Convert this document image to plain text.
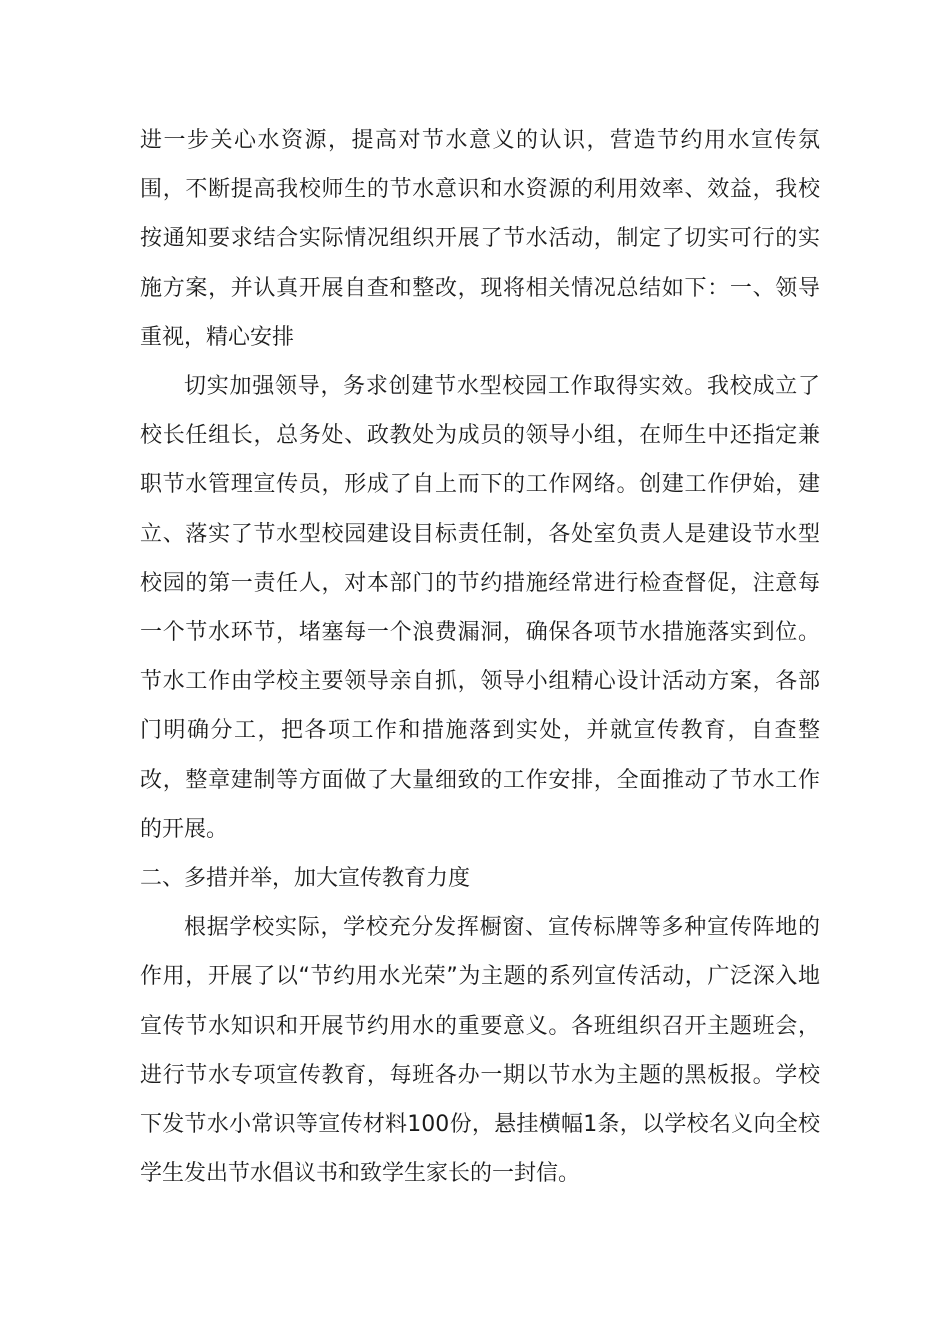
进一步关心水资源，提高对节水意义的认识，营造节约用水宣传氛围，不断提高我校师生的节水意识和水资源的利用效率、效益，我校按通知要求结合实际情况组织开展了节水活动，制定了切实可行的实施方案，并认真开展自查和整改，现将相关情况总结如下：一、领导重视，精心安排

切实加强领导，务求创建节水型校园工作取得实效。我校成立了校长任组长，总务处、政教处为成员的领导小组，在师生中还指定兼职节水管理宣传员，形成了自上而下的工作网络。创建工作伊始，建立、落实了节水型校园建设目标责任制，各处室负责人是建设节水型校园的第一责任人，对本部门的节约措施经常进行检查督促，注意每一个节水环节，堵塞每一个浪费漏洞，确保各项节水措施落实到位。节水工作由学校主要领导亲自抓，领导小组精心设计活动方案，各部门明确分工，把各项工作和措施落到实处，并就宣传教育，自查整改，整章建制等方面做了大量细致的工作安排，全面推动了节水工作的开展。

二、多措并举，加大宣传教育力度

根据学校实际，学校充分发挥橱窗、宣传标牌等多种宣传阵地的作用，开展了以“节约用水光荣”为主题的系列宣传活动，广泛深入地宣传节水知识和开展节约用水的重要意义。各班组织召开主题班会，进行节水专项宣传教育，每班各办一期以节水为主题的黑板报。学校下发节水小常识等宣传材料100份，悬挂横幅1条，以学校名义向全校学生发出节水倡议书和致学生家长的一封信。
